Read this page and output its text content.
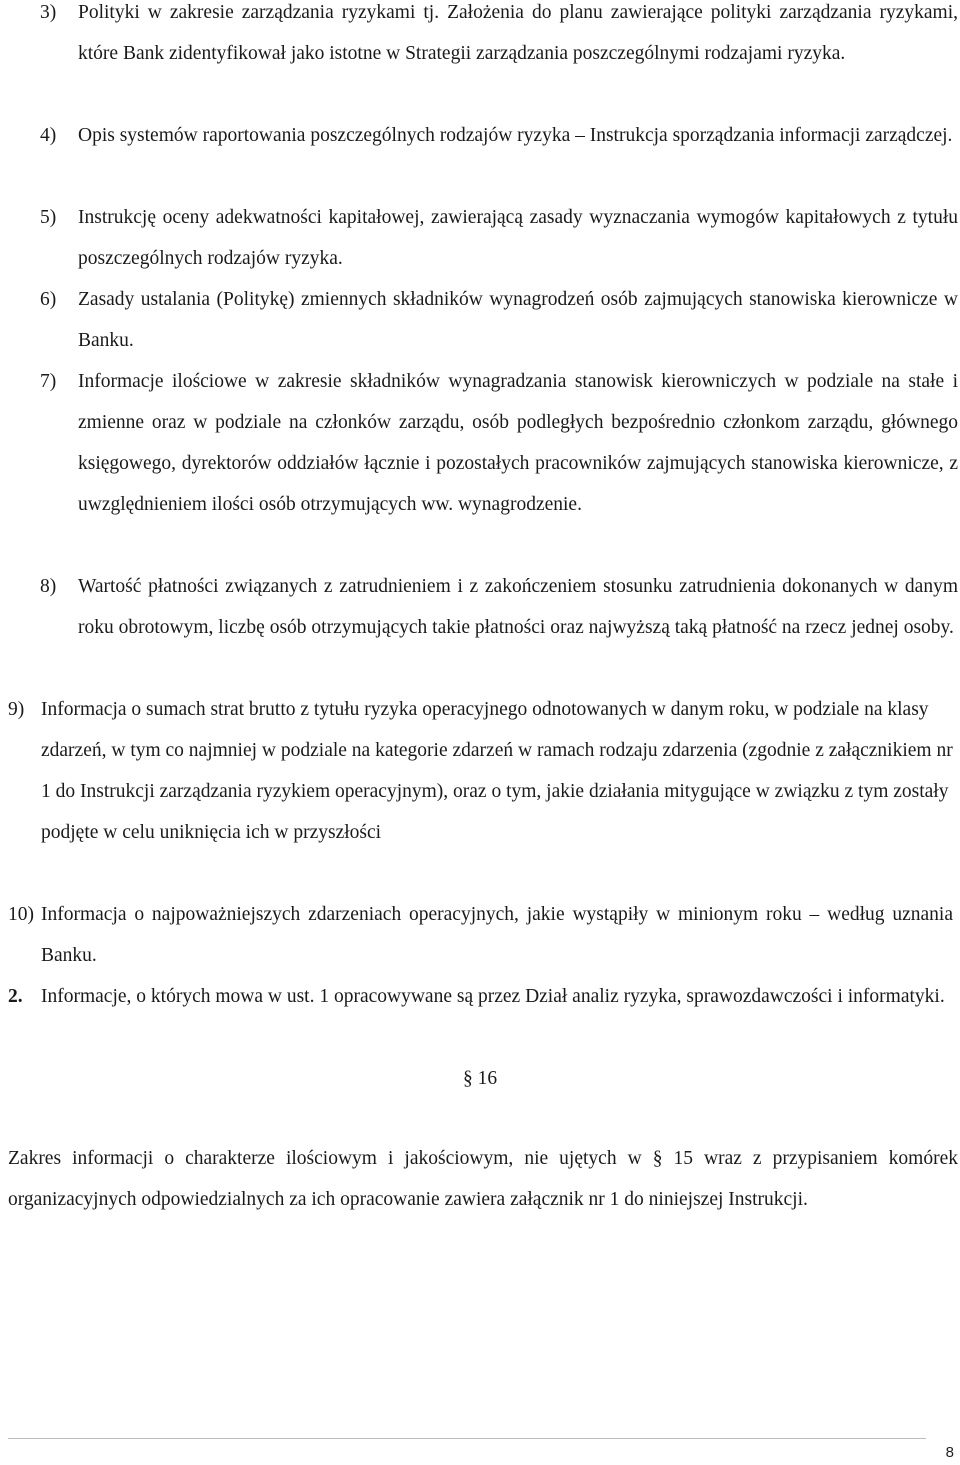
3) Polityki w zakresie zarządzania ryzykami tj. Założenia do planu zawierające polityki zarządzania ryzykami, które Bank zidentyfikował jako istotne w Strategii zarządzania poszczególnymi rodzajami ryzyka.
4) Opis systemów raportowania poszczególnych rodzajów ryzyka – Instrukcja sporządzania informacji zarządczej.
5) Instrukcję oceny adekwatności kapitałowej, zawierającą zasady wyznaczania wymogów kapitałowych z tytułu poszczególnych rodzajów ryzyka.
6) Zasady ustalania (Politykę) zmiennych składników wynagrodzeń osób zajmujących stanowiska kierownicze w Banku.
7) Informacje ilościowe w zakresie składników wynagradzania stanowisk kierowniczych w podziale na stałe i zmienne oraz w podziale na członków zarządu, osób podległych bezpośrednio członkom zarządu, głównego księgowego, dyrektorów oddziałów łącznie i pozostałych pracowników zajmujących stanowiska kierownicze, z uwzględnieniem ilości osób otrzymujących ww. wynagrodzenie.
8) Wartość płatności związanych z zatrudnieniem i z zakończeniem stosunku zatrudnienia dokonanych w danym roku obrotowym, liczbę osób otrzymujących takie płatności oraz najwyższą taką płatność na rzecz jednej osoby.
9) Informacja o sumach strat brutto z tytułu ryzyka operacyjnego odnotowanych w danym roku, w podziale na klasy zdarzeń, w tym co najmniej w podziale na kategorie zdarzeń w ramach rodzaju zdarzenia (zgodnie z załącznikiem nr 1 do Instrukcji zarządzania ryzykiem operacyjnym), oraz o tym, jakie działania mitygujące w związku z tym zostały podjęte w celu uniknięcia ich w przyszłości
10) Informacja o najpoważniejszych zdarzeniach operacyjnych, jakie wystąpiły w minionym roku – według uznania Banku.
2. Informacje, o których mowa w ust. 1 opracowywane są przez Dział analiz ryzyka, sprawozdawczości i informatyki.
§ 16
Zakres informacji o charakterze ilościowym i jakościowym, nie ujętych w § 15 wraz z przypisaniem komórek organizacyjnych odpowiedzialnych za ich opracowanie zawiera załącznik nr 1 do niniejszej Instrukcji.
8
